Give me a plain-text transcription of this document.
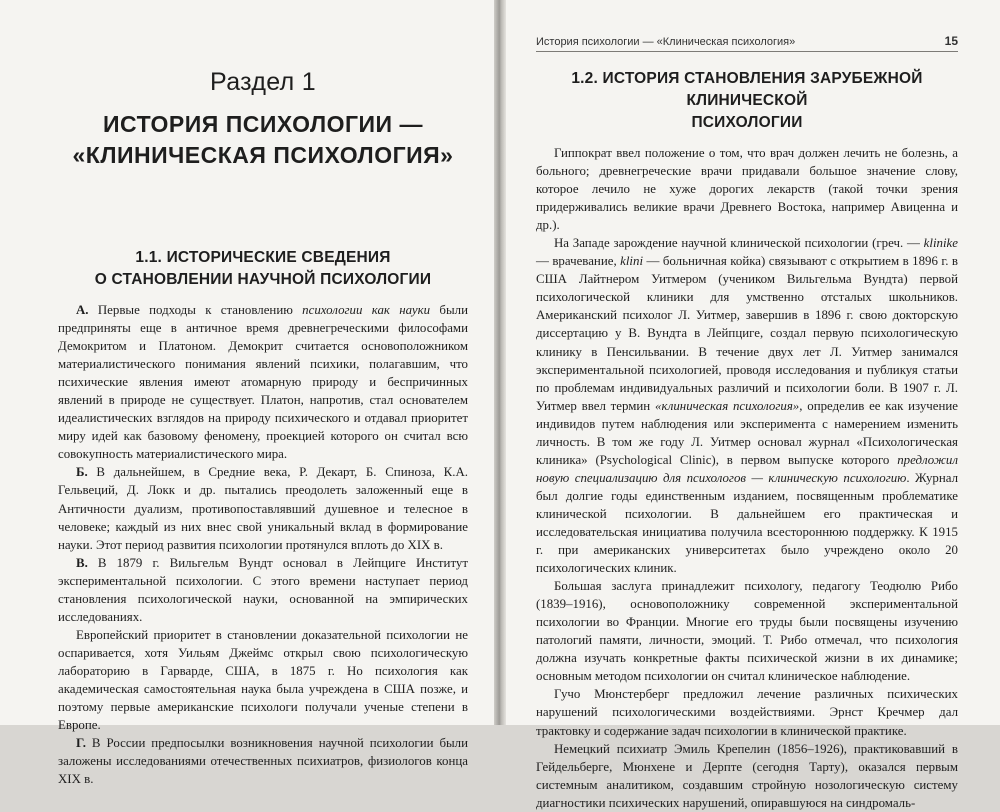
Раздел 1
ИСТОРИЯ ПСИХОЛОГИИ —
«КЛИНИЧЕСКАЯ ПСИХОЛОГИЯ»
1.1. ИСТОРИЧЕСКИЕ СВЕДЕНИЯ
О СТАНОВЛЕНИИ НАУЧНОЙ ПСИХОЛОГИИ

А. Первые подходы к становлению психологии как науки были предприняты еще в античное время древнегреческими философами Демокритом и Платоном. Демокрит считается основоположником материалистического понимания явлений психики, полагавшим, что психические явления имеют атомарную природу и беспричинных явлений в природе не существует. Платон, напротив, стал основателем идеалистических взглядов на природу психического и отдавал приоритет миру идей как базовому феномену, проекцией которого он считал всю совокупность материалистического мира.

Б. В дальнейшем, в Средние века, Р. Декарт, Б. Спиноза, К.А. Гельвеций, Д. Локк и др. пытались преодолеть заложенный еще в Античности дуализм, противопоставлявший душевное и телесное в человеке; каждый из них внес свой уникальный вклад в формирование науки. Этот период развития психологии протянулся вплоть до XIX в.

В. В 1879 г. Вильгельм Вундт основал в Лейпциге Институт экспериментальной психологии. С этого времени наступает период становления психологической науки, основанной на эмпирических исследованиях.

Европейский приоритет в становлении доказательной психологии не оспаривается, хотя Уильям Джеймс открыл свою психологическую лабораторию в Гарварде, США, в 1875 г. Но психология как академическая самостоятельная наука была учреждена в США позже, и поэтому первые американские психологи получали ученые степени в Европе.

Г. В России предпосылки возникновения научной психологии были заложены исследованиями отечественных психиатров, физиологов конца XIX в.

История психологии — «Клиническая психология»	15
1.2. ИСТОРИЯ СТАНОВЛЕНИЯ ЗАРУБЕЖНОЙ КЛИНИЧЕСКОЙ
ПСИХОЛОГИИ

Гиппократ ввел положение о том, что врач должен лечить не болезнь, а больного; древнегреческие врачи придавали большое значение слову, которое лечило не хуже дорогих лекарств (такой точки зрения придерживались великие врачи Древнего Востока, например Авиценна и др.).

На Западе зарождение научной клинической психологии (греч. — klinike — врачевание, klini — больничная койка) связывают с открытием в 1896 г. в США Лайтнером Уитмером (учеником Вильгельма Вундта) первой психологической клиники для умственно отсталых школьников. Американский психолог Л. Уитмер, завершив в 1896 г. свою докторскую диссертацию у В. Вундта в Лейпциге, создал первую психологическую клинику в Пенсильвании. В течение двух лет Л. Уитмер занимался экспериментальной психологией, проводя исследования и публикуя статьи по проблемам индивидуальных различий и психологии боли. В 1907 г. Л. Уитмер ввел термин «клиническая психология», определив ее как изучение индивидов путем наблюдения или эксперимента с намерением изменить личность. В том же году Л. Уитмер основал журнал «Психологическая клиника» (Psychological Clinic), в первом выпуске которого предложил новую специализацию для психологов — клиническую психологию. Журнал был долгие годы единственным изданием, посвященным проблематике клинической психологии. В дальнейшем его практическая и исследовательская инициатива получила всестороннюю поддержку. К 1915 г. при американских университетах было учреждено около 20 психологических клиник.

Большая заслуга принадлежит психологу, педагогу Теодюлю Рибо (1839–1916), основоположнику современной экспериментальной психологии во Франции. Многие его труды были посвящены изучению патологий памяти, личности, эмоций. Т. Рибо отмечал, что психология должна изучать конкретные факты психической жизни в их динамике; основным методом психологии он считал клиническое наблюдение.

Гучо Мюнстерберг предложил лечение различных психических нарушений психологическими воздействиями. Эрнст Кречмер дал трактовку и содержание задач психологии в клинической практике.

Немецкий психиатр Эмиль Крепелин (1856–1926), практиковавший в Гейдельберге, Мюнхене и Дерпте (сегодня Тарту), оказался первым системным аналитиком, создавшим стройную нозологическую систему диагностики психических нарушений, опиравшуюся на синдромаль-
